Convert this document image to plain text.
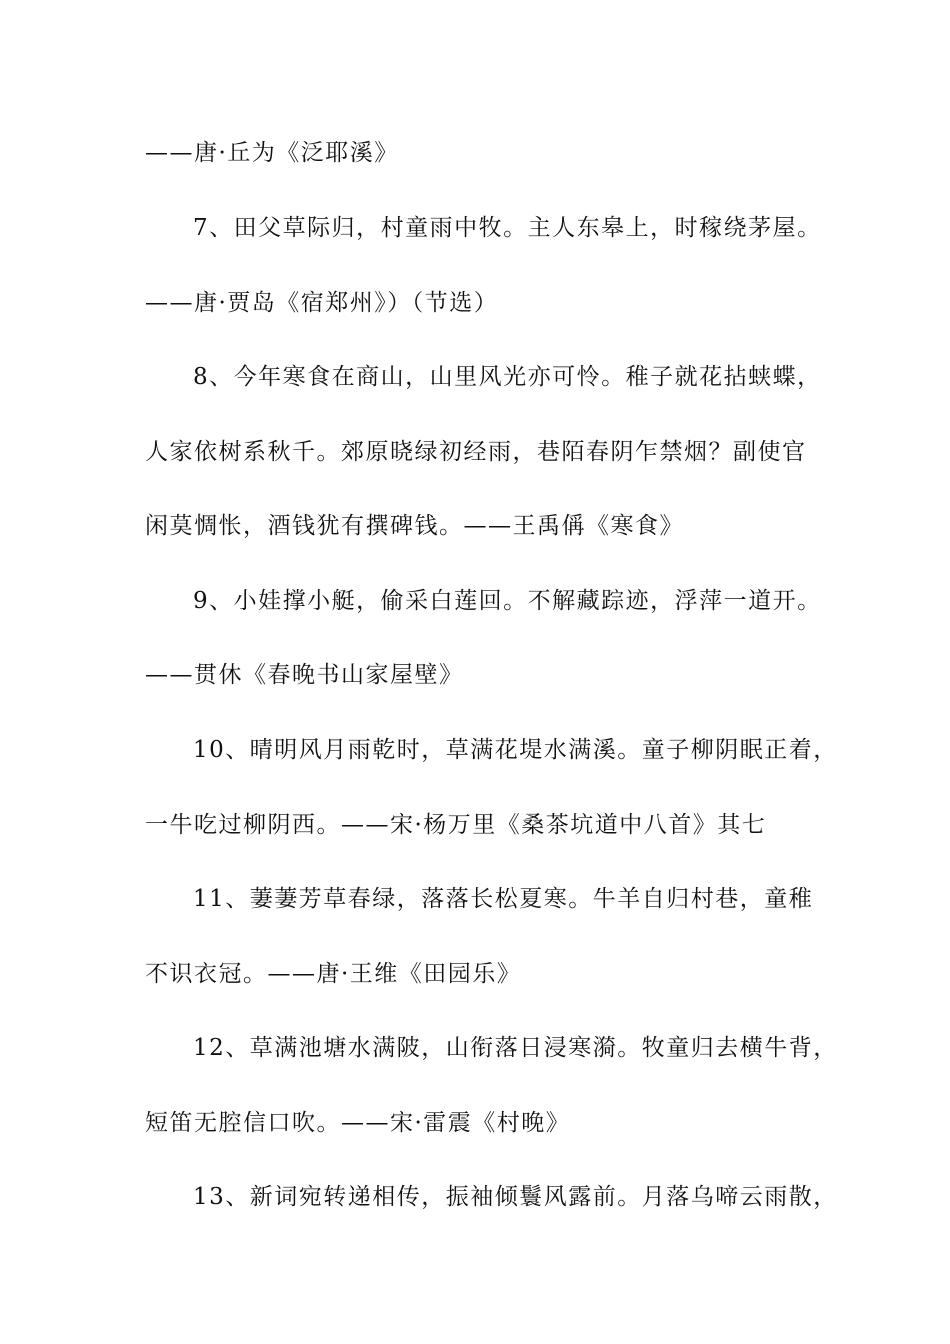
——唐·丘为《泛耶溪》
7、田父草际归，村童雨中牧。主人东皋上，时稼绕茅屋。
——唐·贾岛《宿郑州》）（节选）
8、今年寒食在商山，山里风光亦可怜。稚子就花拈蛱蝶，
人家依树系秋千。郊原晓绿初经雨，巷陌春阴乍禁烟？副使官
闲莫惆怅，酒钱犹有撰碑钱。——王禹偁《寒食》
9、小娃撑小艇，偷采白莲回。不解藏踪迹，浮萍一道开。
——贯休《春晚书山家屋壁》
10、晴明风月雨乾时，草满花堤水满溪。童子柳阴眠正着，
一牛吃过柳阴西。——宋·杨万里《桑茶坑道中八首》其七
11、萋萋芳草春绿，落落长松夏寒。牛羊自归村巷，童稚
不识衣冠。——唐·王维《田园乐》
12、草满池塘水满陂，山衔落日浸寒漪。牧童归去横牛背，
短笛无腔信口吹。——宋·雷震《村晚》
13、新词宛转递相传，振袖倾鬟风露前。月落乌啼云雨散，
